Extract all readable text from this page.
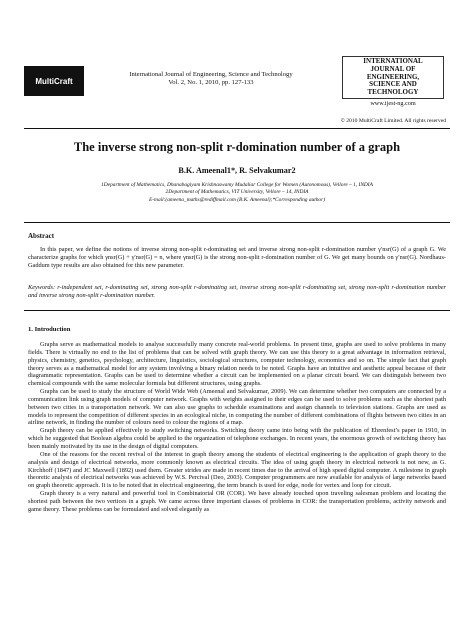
MultiCraft
International Journal of Engineering, Science and Technology
Vol. 2, No. 1, 2010, pp. 127-133
INTERNATIONAL
JOURNAL OF
ENGINEERING,
SCIENCE AND
TECHNOLOGY
www.ijest-ng.com
© 2010 MultiCraft Limited. All rights reserved
The inverse strong non-split r-domination number of a graph
B.K. Ameenal1*, R. Selvakumar2
1Department of Mathematics, Dhanabagiyam Krishnaswamy Mudaliar College for Women (Autonomous), Vellore – 1, INDIA
2Department of Mathematics, VIT University, Vellore – 14, INDIA
E-mail:(ameena_maths@rediffmail.com (B.K. Ameenal);*Corresponding author)
Abstract

In this paper, we define the notions of inverse strong non-split r-dominating set and inverse strong non-split r-domination number γ′nsr(G) of a graph G. We characterize graphs for which γnsr(G) + γ′nsr(G) = n, where γnsr(G) is the strong non-split r-domination number of G. We get many bounds on γ′nsr(G). Nordhaus-Gaddum type results are also obtained for this new parameter.

Keywords: r-independent set, r-dominating set, strong non-split r-dominating set, inverse strong non-split r-dominating set, strong non-split r-domination number and inverse strong non-split r-domination number.

1. Introduction

Graphs serve as mathematical models to analyse successfully many concrete real-world problems. In present time, graphs are used to solve problems in many fields. There is virtually no end to the list of problems that can be solved with graph theory. We can use this theory to a great advantage in information retrieval, physics, chemistry, genetics, psychology, architecture, linguistics, sociological structures, computer technology, economics and so on. The simple fact that graph theory serves as a mathematical model for any system involving a binary relation needs to be noted. Graphs have an intuitive and aesthetic appeal because of their diagrammatic representation. Graphs can be used to determine whether a circuit can be implemented on a planar circuit board. We can distinguish between two chemical compounds with the same molecular formula but different structures, using graphs.

Graphs can be used to study the structure of World Wide Web (Ameenal and Selvakumar, 2009). We can determine whether two computers are connected by a communication link using graph models of computer network. Graphs with weights assigned to their edges can be used to solve problems such as the shortest path between two cities in a transportation network. We can also use graphs to schedule examinations and assign channels to television stations. Graphs are used as models to represent the competition of different species in an ecological niche, in computing the number of different combinations of flights between two cities in an airline network, in finding the number of colours need to colour the regions of a map.

Graph theory can be applied effectively to study switching networks. Switching theory came into being with the publication of Ehrenfest’s paper in 1910, in which he suggested that Boolean algebra could be applied to the organization of telephone exchanges. In recent years, the enormous growth of switching theory has been mainly motivated by its use in the design of digital computers.

One of the reasons for the recent revival of the interest in graph theory among the students of electrical engineering is the application of graph theory to the analysis and design of electrical networks, more commonly known as electrical circuits. The idea of using graph theory in electrical network is not new, as G. Kirchhoff (1847) and JC Maxwell (1892) used them. Greater strides are made in recent times due to the arrival of high speed digital computer. A milestone in graph theoretic analysis of electrical networks was achieved by W.S. Percival (Deo, 2003). Computer programmers are now available for analysis of large networks based on graph theoretic approach. It is to be noted that in electrical engineering, the term branch is used for edge, node for vertex and loop for circuit.

Graph theory is a very natural and powerful tool in Combinatorial OR (COR). We have already touched upon traveling salesman problem and locating the shortest path between the two vertices in a graph. We came across three important classes of problems in COR: the transportation problems, activity network and game theory. These problems can be formulated and solved elegantly as
